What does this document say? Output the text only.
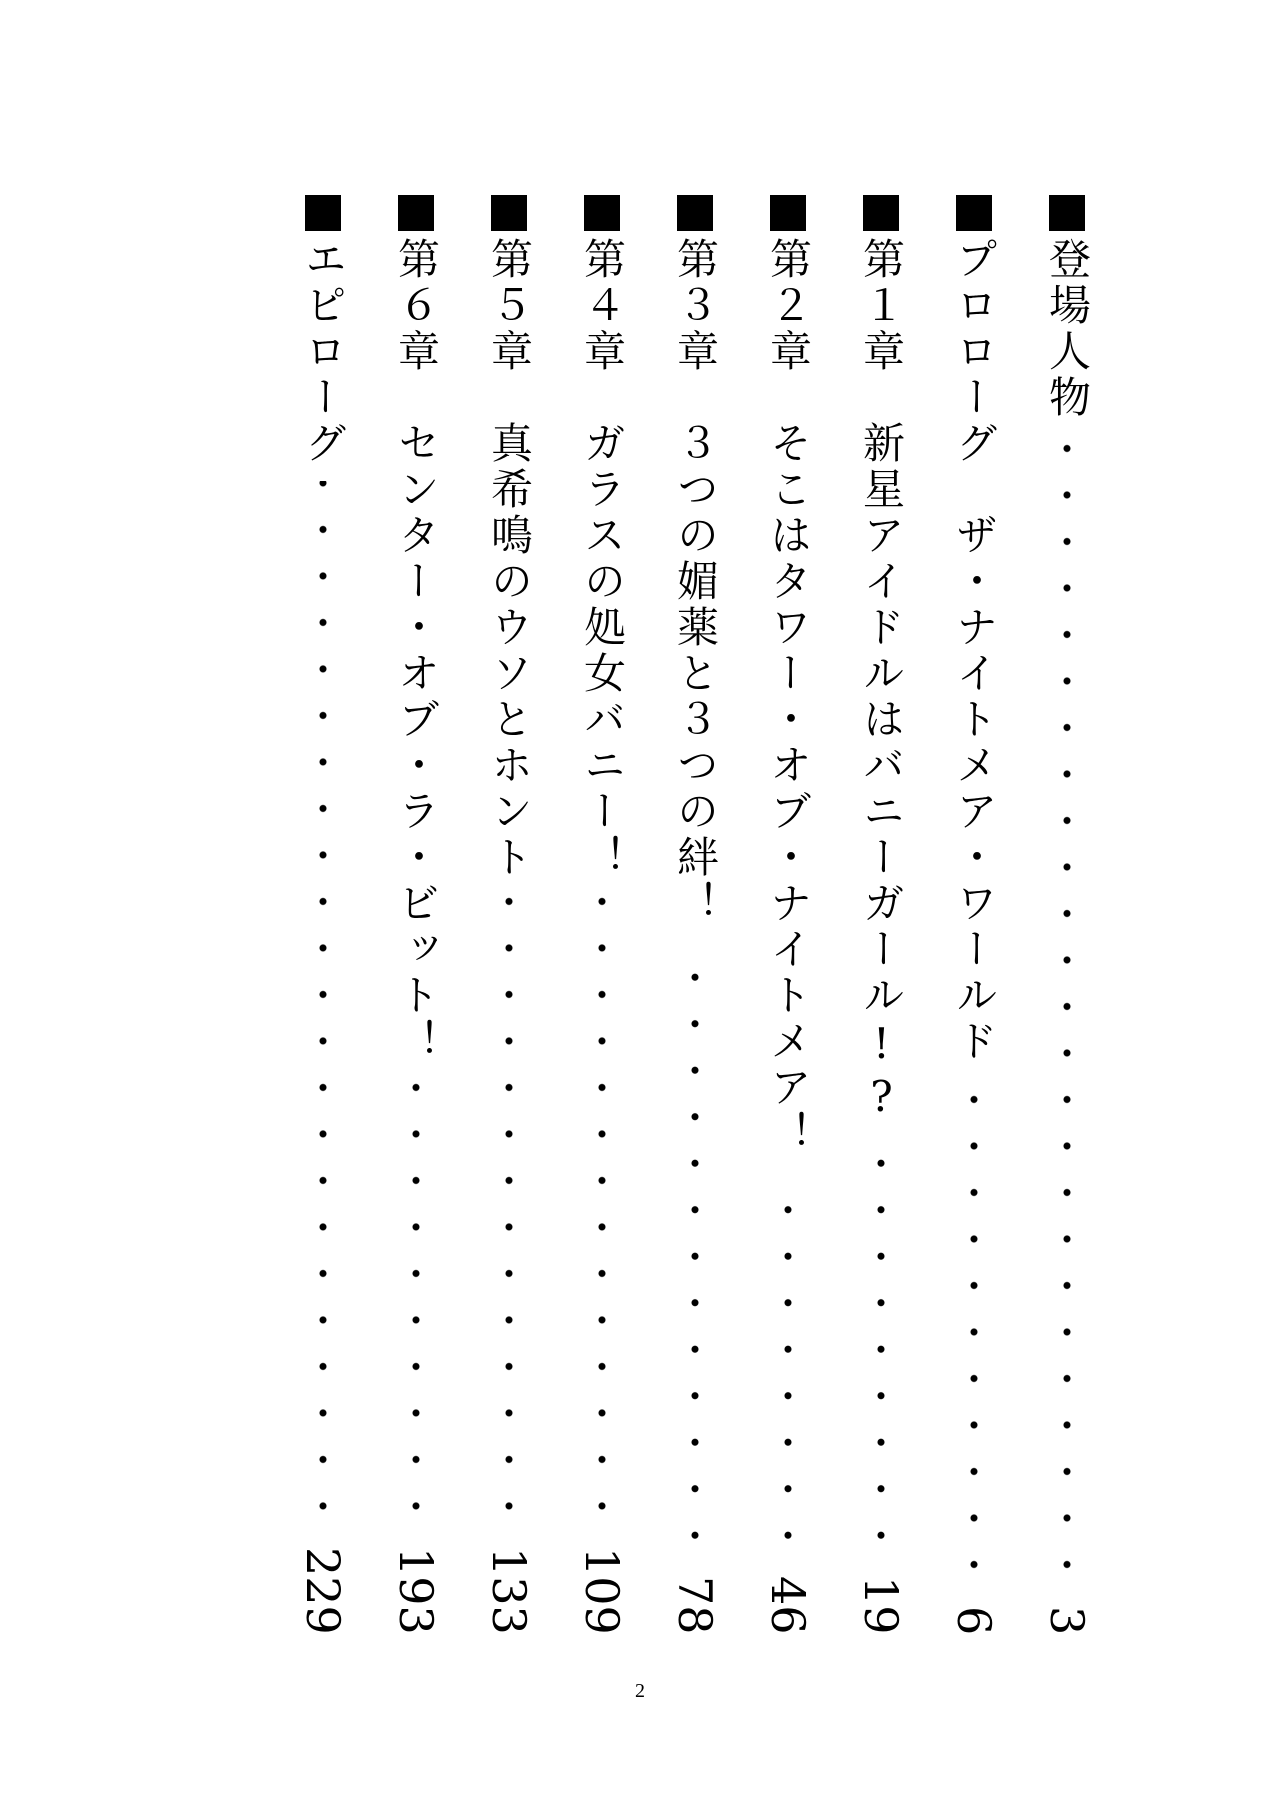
登場人物
3
プロローグ　ザ・ナイトメア・ワールド
6
第１章　新星アイドルはバニーガール!?
19
第２章　そこはタワー・オブ・ナイトメア！
46
第３章　３つの媚薬と３つの絆！
78
第４章　ガラスの処女バニー！
109
第５章　真希鳴のウソとホント
133
第６章　センター・オブ・ラ・ビット！
193
エピローグ
229
2
